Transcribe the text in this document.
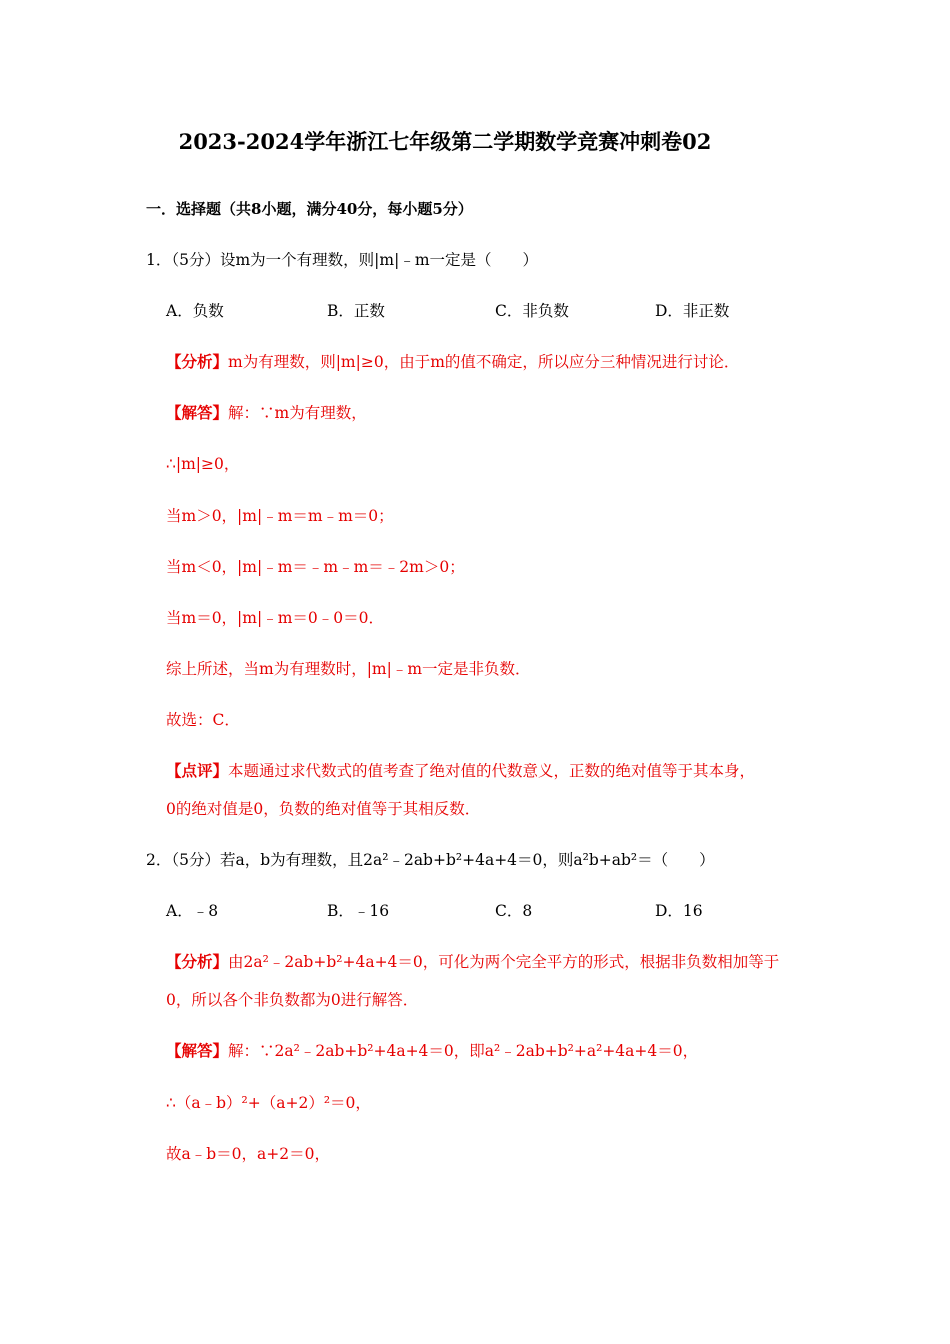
2023-2024学年浙江七年级第二学期数学竞赛冲刺卷02
一．选择题（共8小题，满分40分，每小题5分）
1．（5分）设m为一个有理数，则|m|﹣m一定是（　　）
A．负数	B．正数	C．非负数	D．非正数
【分析】m为有理数，则|m|≥0，由于m的值不确定，所以应分三种情况进行讨论．
【解答】解：∵m为有理数，
∴|m|≥0，
当m＞0，|m|﹣m＝m﹣m＝0；
当m＜0，|m|﹣m＝﹣m﹣m＝﹣2m＞0；
当m＝0，|m|﹣m＝0﹣0＝0．
综上所述，当m为有理数时，|m|﹣m一定是非负数．
故选：C．
【点评】本题通过求代数式的值考查了绝对值的代数意义，正数的绝对值等于其本身，
0的绝对值是0，负数的绝对值等于其相反数．
2．（5分）若a，b为有理数，且2a²﹣2ab+b²+4a+4＝0，则a²b+ab²＝（　　）
A．﹣8	B．﹣16	C．8	D．16
【分析】由2a²﹣2ab+b²+4a+4＝0，可化为两个完全平方的形式，根据非负数相加等于
0，所以各个非负数都为0进行解答．
【解答】解：∵2a²﹣2ab+b²+4a+4＝0，即a²﹣2ab+b²+a²+4a+4＝0，
∴（a﹣b）²+（a+2）²＝0，
故a﹣b＝0，a+2＝0，
